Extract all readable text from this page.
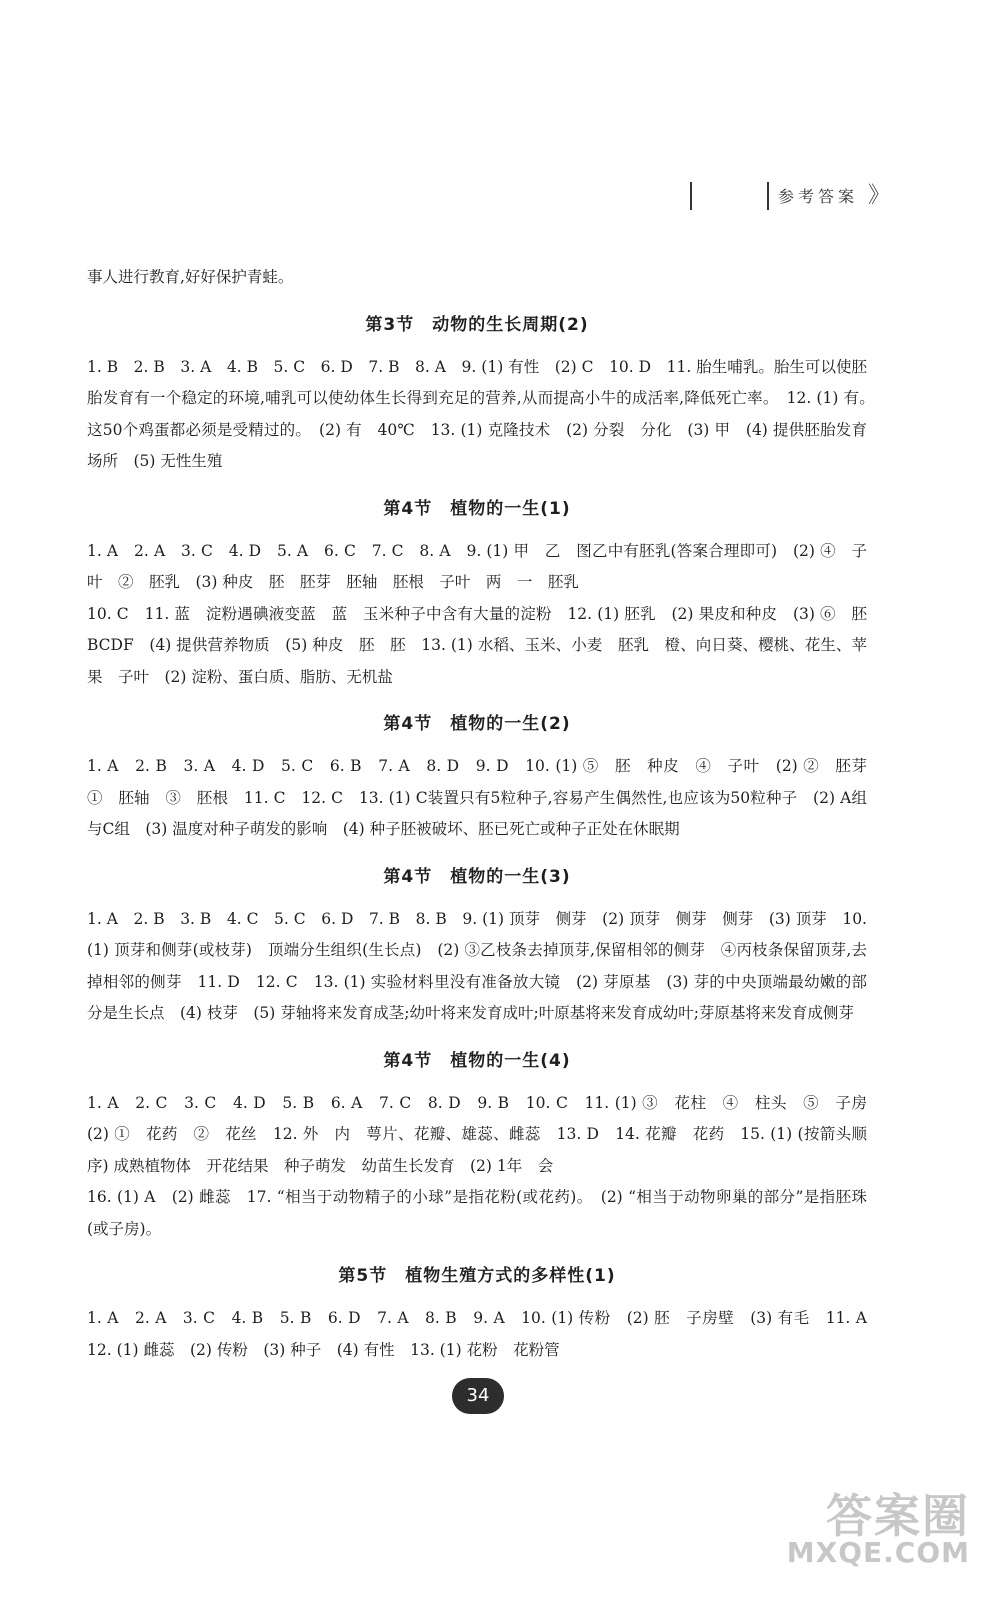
参考答案 》

事人进行教育,好好保护青蛙。

第3节　动物的生长周期(2)

1. B　2. B　3. A　4. B　5. C　6. D　7. B　8. A　9. (1) 有性　(2) C　10. D　11. 胎生哺乳。胎生可以使胚胎发育有一个稳定的环境,哺乳可以使幼体生长得到充足的营养,从而提高小牛的成活率,降低死亡率。　12. (1) 有。　这50个鸡蛋都必须是受精过的。　(2) 有　40℃　13. (1) 克隆技术　(2) 分裂　分化　(3) 甲　(4) 提供胚胎发育场所　(5) 无性生殖

第4节　植物的一生(1)

1. A　2. A　3. C　4. D　5. A　6. C　7. C　8. A　9. (1) 甲　乙　图乙中有胚乳(答案合理即可)　(2) ④　子叶　②　胚乳　(3) 种皮　胚　胚芽　胚轴　胚根　子叶　两　一　胚乳

10. C　11. 蓝　淀粉遇碘液变蓝　蓝　玉米种子中含有大量的淀粉　12. (1) 胚乳　(2) 果皮和种皮　(3) ⑥　胚　BCDF　(4) 提供营养物质　(5) 种皮　胚　胚　13. (1) 水稻、玉米、小麦　胚乳　橙、向日葵、樱桃、花生、苹果　子叶　(2) 淀粉、蛋白质、脂肪、无机盐

第4节　植物的一生(2)

1. A　2. B　3. A　4. D　5. C　6. B　7. A　8. D　9. D　10. (1) ⑤　胚　种皮　④　子叶　(2) ②　胚芽　①　胚轴　③　胚根　11. C　12. C　13. (1) C装置只有5粒种子,容易产生偶然性,也应该为50粒种子　(2) A组与C组　(3) 温度对种子萌发的影响　(4) 种子胚被破坏、胚已死亡或种子正处在休眠期

第4节　植物的一生(3)

1. A　2. B　3. B　4. C　5. C　6. D　7. B　8. B　9. (1) 顶芽　侧芽　(2) 顶芽　侧芽　侧芽　(3) 顶芽　10. (1) 顶芽和侧芽(或枝芽)　顶端分生组织(生长点)　(2) ③乙枝条去掉顶芽,保留相邻的侧芽　④丙枝条保留顶芽,去掉相邻的侧芽　11. D　12. C　13. (1) 实验材料里没有准备放大镜　(2) 芽原基　(3) 芽的中央顶端最幼嫩的部分是生长点　(4) 枝芽　(5) 芽轴将来发育成茎;幼叶将来发育成叶;叶原基将来发育成幼叶;芽原基将来发育成侧芽

第4节　植物的一生(4)

1. A　2. C　3. C　4. D　5. B　6. A　7. C　8. D　9. B　10. C　11. (1) ③　花柱　④　柱头　⑤　子房　(2) ①　花药　②　花丝　12. 外　内　萼片、花瓣、雄蕊、雌蕊　13. D　14. 花瓣　花药　15. (1) (按箭头顺序) 成熟植物体　开花结果　种子萌发　幼苗生长发育　(2) 1年　会

16. (1) A　(2) 雌蕊　17. “相当于动物精子的小球”是指花粉(或花药)。　(2) “相当于动物卵巢的部分”是指胚珠(或子房)。

第5节　植物生殖方式的多样性(1)

1. A　2. A　3. C　4. B　5. B　6. D　7. A　8. B　9. A　10. (1) 传粉　(2) 胚　子房壁　(3) 有毛　11. A　12. (1) 雌蕊　(2) 传粉　(3) 种子　(4) 有性　13. (1) 花粉　花粉管

34
答案圈
MXQE.COM
